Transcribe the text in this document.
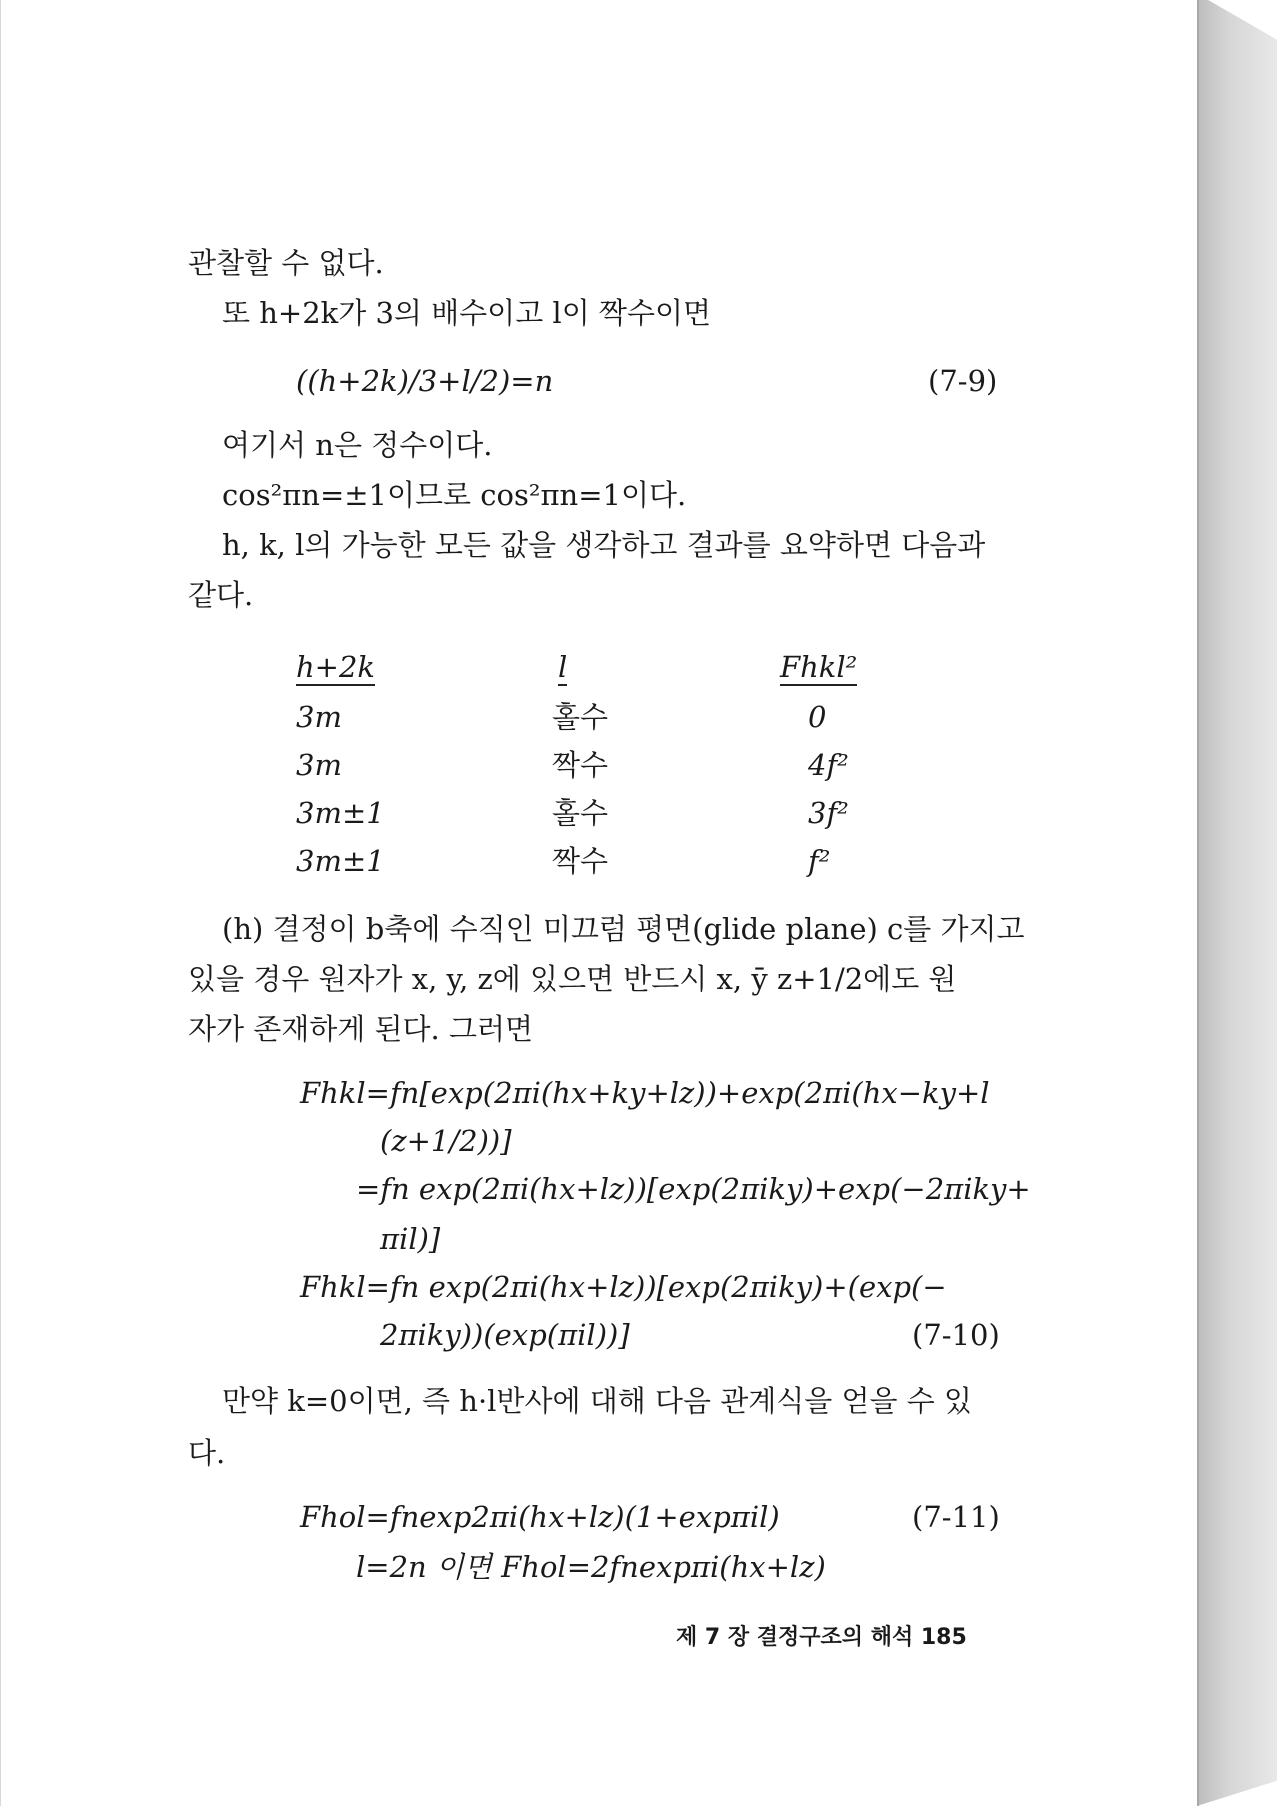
관찰할 수 없다.
또 h+2k가 3의 배수이고 l이 짝수이면
((h+2k)/3+l/2)=n	(7-9)
여기서 n은 정수이다.
cos²πn=±1이므로 cos²πn=1이다.
h, k, l의 가능한 모든 값을 생각하고 결과를 요약하면 다음과
같다.
h+2k	l	Fhkl²
3m	홀수	0
3m	짝수	4f²
3m±1	홀수	3f²
3m±1	짝수	f²
(h) 결정이 b축에 수직인 미끄럼 평면(glide plane) c를 가지고
있을 경우 원자가 x, y, z에 있으면 반드시 x, ȳ z+1/2에도 원
자가 존재하게 된다. 그러면
Fhkl=fn[exp(2πi(hx+ky+lz))+exp(2πi(hx−ky+l
(z+1/2))]
=fn exp(2πi(hx+lz))[exp(2πiky)+exp(−2πiky+
πil)]
Fhkl=fn exp(2πi(hx+lz))[exp(2πiky)+(exp(−
2πiky))(exp(πil))]	(7-10)
만약 k=0이면, 즉 h·l반사에 대해 다음 관계식을 얻을 수 있
다.
Fhol=fnexp2πi(hx+lz)(1+expπil)	(7-11)
l=2n 이면 Fhol=2fnexpπi(hx+lz)
제 7 장 결정구조의 해석 185
